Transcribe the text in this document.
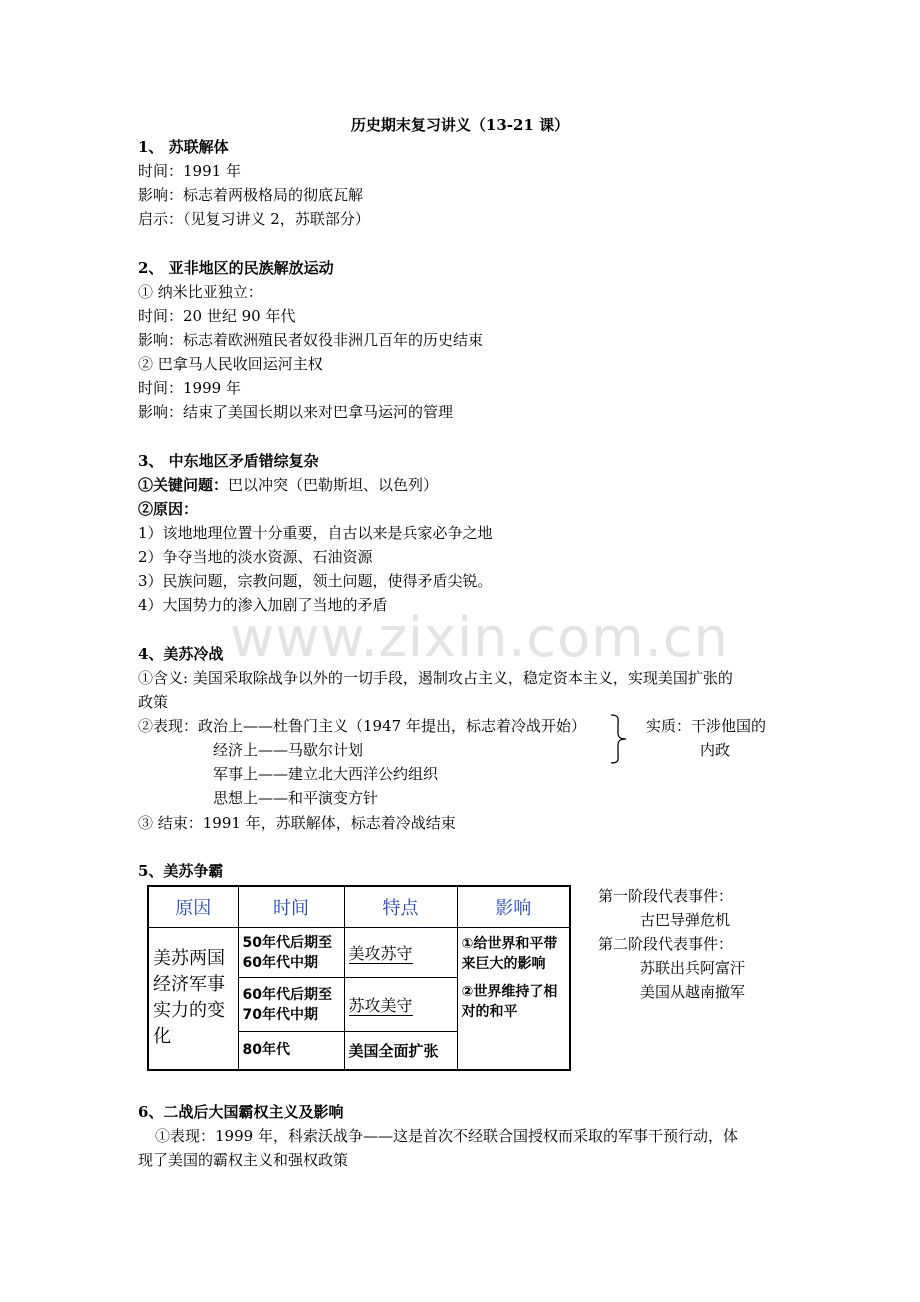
www.zixin.com.cn
历史期末复习讲义（13-21 课）
1、 苏联解体
时间：1991 年
影响：标志着两极格局的彻底瓦解
启示：（见复习讲义 2，苏联部分）
2、 亚非地区的民族解放运动
① 纳米比亚独立：
时间：20 世纪 90 年代
影响：标志着欧洲殖民者奴役非洲几百年的历史结束
② 巴拿马人民收回运河主权
时间：1999 年
影响：结束了美国长期以来对巴拿马运河的管理
3、 中东地区矛盾错综复杂
①关键问题：巴以冲突（巴勒斯坦、以色列）
②原因：
1）该地地理位置十分重要，自古以来是兵家必争之地
2）争夺当地的淡水资源、石油资源
3）民族问题，宗教问题，领土问题，使得矛盾尖锐。
4）大国势力的渗入加剧了当地的矛盾
4、美苏冷战
①含义: 美国采取除战争以外的一切手段，遏制攻占主义，稳定资本主义，实现美国扩张的
政策
②表现：政治上——杜鲁门主义（1947 年提出，标志着冷战开始）
经济上——马歇尔计划
军事上——建立北大西洋公约组织
思想上——和平演变方针
实质：干涉他国的
内政
③ 结束：1991 年，苏联解体，标志着冷战结束
5、美苏争霸
原因	时间	特点	影响
美苏两国经济军事实力的变化	50年代后期至60年代中期	美攻苏守	①给世界和平带来巨大的影响
②世界维持了相对的和平

	60年代后期至70年代中期	苏攻美守	
	80年代	美国全面扩张	
第一阶段代表事件：
古巴导弹危机
第二阶段代表事件：
苏联出兵阿富汗
美国从越南撤军
6、二战后大国霸权主义及影响
①表现：1999 年，科索沃战争——这是首次不经联合国授权而采取的军事干预行动，体
现了美国的霸权主义和强权政策
